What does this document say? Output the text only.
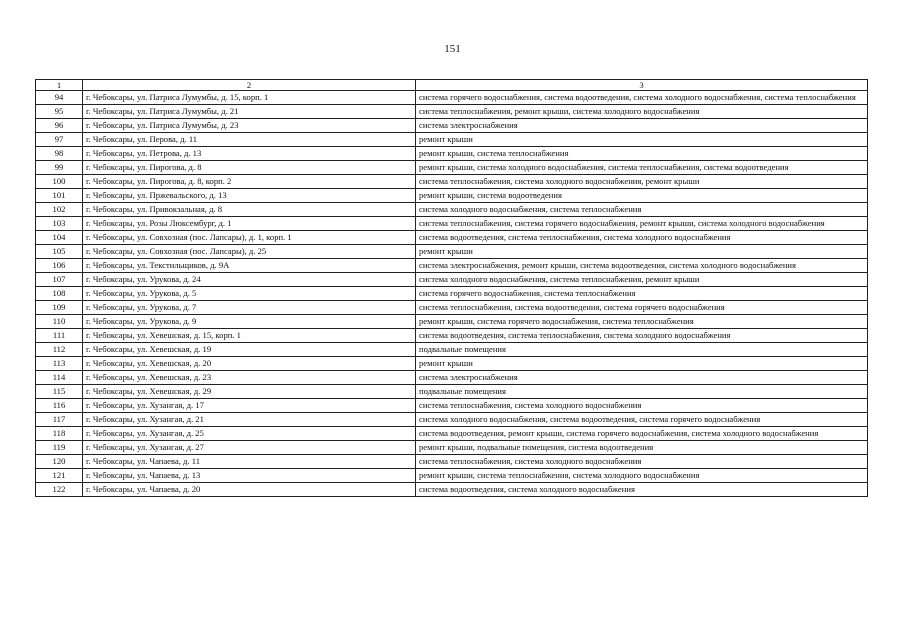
151
1	2	3
94	г. Чебоксары, ул. Патриса Лумумбы, д. 15, корп. 1	система горячего водоснабжения, система водоотведения, система холодного водоснабжения, система теплоснабжения
95	г. Чебоксары, ул. Патриса Лумумбы, д. 21	система теплоснабжения, ремонт крыши, система холодного водоснабжения
96	г. Чебоксары, ул. Патриса Лумумбы, д. 23	система электроснабжения
97	г. Чебоксары, ул. Перова, д. 11	ремонт крыши
98	г. Чебоксары, ул. Петрова, д. 13	ремонт крыши, система теплоснабжения
99	г. Чебоксары, ул. Пирогова, д. 8	ремонт крыши, система холодного водоснабжения, система теплоснабжения, система водоотведения
100	г. Чебоксары, ул. Пирогова, д. 8, корп. 2	система теплоснабжения, система холодного водоснабжения, ремонт крыши
101	г. Чебоксары, ул. Пржевальского, д. 13	ремонт крыши, система водоотведения
102	г. Чебоксары, ул. Привокзальная, д. 8	система холодного водоснабжения, система теплоснабжения
103	г. Чебоксары, ул. Розы Люксембург, д. 1	система теплоснабжения, система горячего водоснабжения, ремонт крыши, система холодного водоснабжения
104	г. Чебоксары, ул. Совхозная (пос. Лапсары), д. 1, корп. 1	система водоотведения, система теплоснабжения, система холодного водоснабжения
105	г. Чебоксары, ул. Совхозная (пос. Лапсары), д. 25	ремонт крыши
106	г. Чебоксары, ул. Текстильщиков, д. 9А	система электроснабжения, ремонт крыши, система водоотведения, система холодного водоснабжения
107	г. Чебоксары, ул. Урукова, д. 24	система холодного водоснабжения, система теплоснабжения, ремонт крыши
108	г. Чебоксары, ул. Урукова, д. 5	система горячего водоснабжения, система теплоснабжения
109	г. Чебоксары, ул. Урукова, д. 7	система теплоснабжения, система водоотведения, система горячего водоснабжения
110	г. Чебоксары, ул. Урукова, д. 9	ремонт крыши, система горячего водоснабжения, система теплоснабжения
111	г. Чебоксары, ул. Хевешская, д. 15, корп. 1	система водоотведения, система теплоснабжения, система холодного водоснабжения
112	г. Чебоксары, ул. Хевешская, д. 19	подвальные помещения
113	г. Чебоксары, ул. Хевешская, д. 20	ремонт крыши
114	г. Чебоксары, ул. Хевешская, д. 23	система электроснабжения
115	г. Чебоксары, ул. Хевешская, д. 29	подвальные помещения
116	г. Чебоксары, ул. Хузангая, д. 17	система теплоснабжения, система холодного водоснабжения
117	г. Чебоксары, ул. Хузангая, д. 21	система холодного водоснабжения, система водоотведения, система горячего водоснабжения
118	г. Чебоксары, ул. Хузангая, д. 25	система водоотведения, ремонт крыши, система горячего водоснабжения, система холодного водоснабжения
119	г. Чебоксары, ул. Хузангая, д. 27	ремонт крыши, подвальные помещения, система водоотведения
120	г. Чебоксары, ул. Чапаева, д. 11	система теплоснабжения, система холодного водоснабжения
121	г. Чебоксары, ул. Чапаева, д. 13	ремонт крыши, система теплоснабжения, система холодного водоснабжения
122	г. Чебоксары, ул. Чапаева, д. 20	система водоотведения, система холодного водоснабжения
